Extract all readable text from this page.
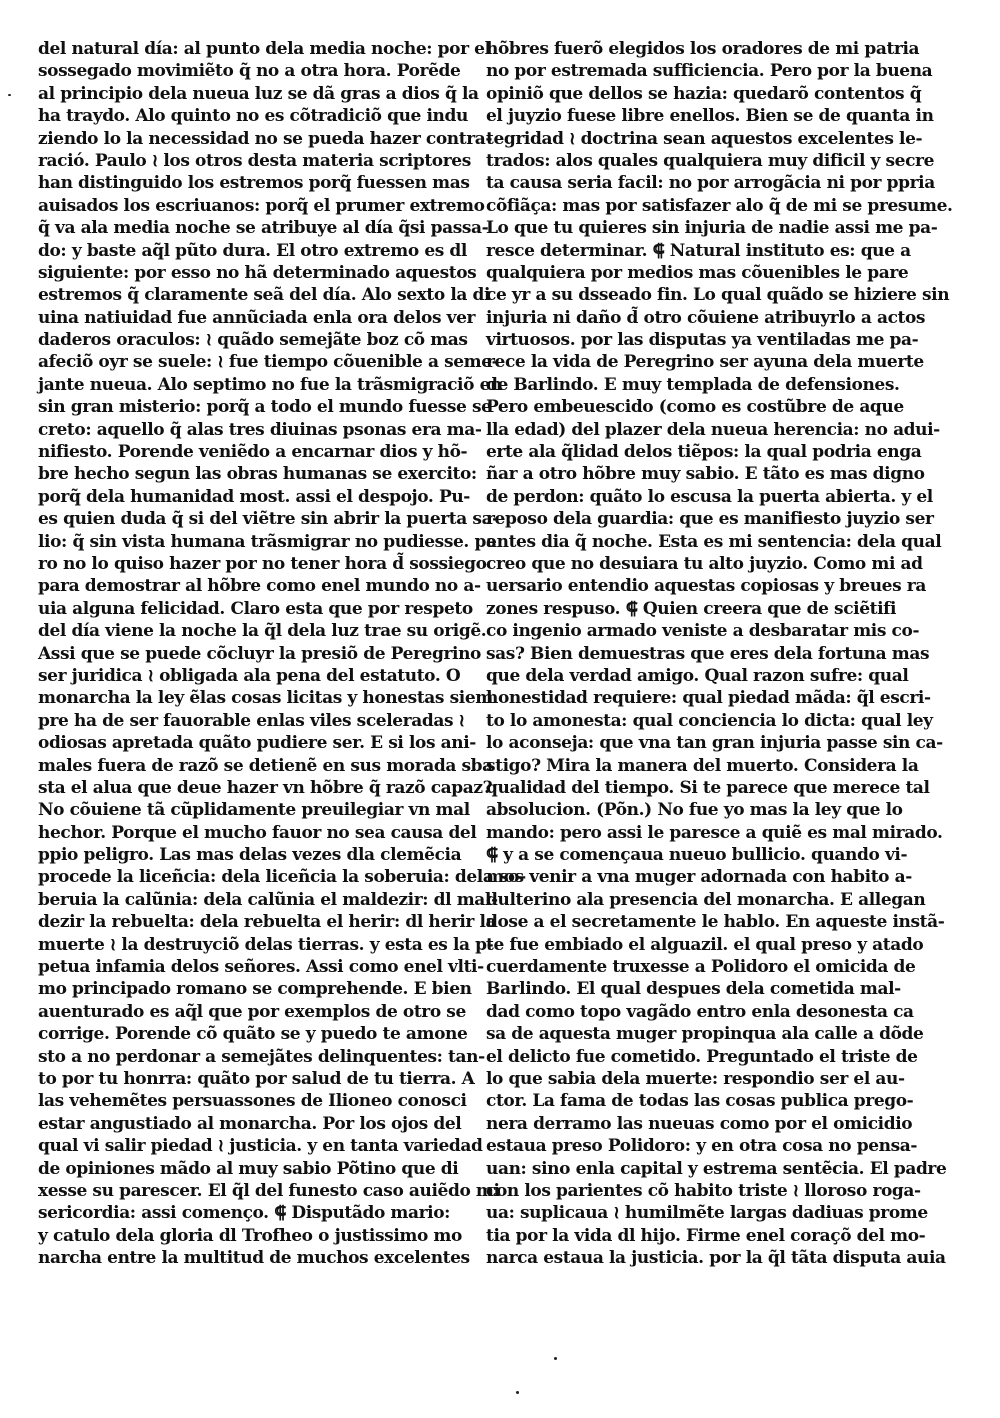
del natural día: al punto dela media noche: por el
sossegado movimiẽto q̃ no a otra hora. Porẽde
al principio dela nueua luz se dã gras a dios q̃ la
ha traydo. Alo quinto no es cõtradiciõ que indu
ziendo lo la necessidad no se pueda hazer contra-
ració. Paulo ≀ los otros desta materia scriptores
han distinguido los estremos porq̃ fuessen mas
auisados los escriuanos: porq̃ el prumer extremo
q̃ va ala media noche se atribuye al día q̃si passa-
do: y baste aq̃l pũto dura. El otro extremo es dl
siguiente: por esso no hã determinado aquestos
estremos q̃ claramente seã del día. Alo sexto la di
uina natiuidad fue annũciada enla ora delos ver
daderos oraculos: ≀ quãdo semejãte boz cõ mas
afeciõ oyr se suele: ≀ fue tiempo cõuenible a seme-
jante nueua. Alo septimo no fue la trãsmigraciõ en
sin gran misterio: porq̃ a todo el mundo fuesse se
creto: aquello q̃ alas tres diuinas psonas era ma-
nifiesto. Porende veniẽdo a encarnar dios y hõ-
bre hecho segun las obras humanas se exercito:
porq̃ dela humanidad most. assi el despojo. Pu-
es quien duda q̃ si del viẽtre sin abrir la puerta sa-
lio: q̃ sin vista humana trãsmigrar no pudiesse. pe
ro no lo quiso hazer por no tener hora d̃ sossiego
para demostrar al hõbre como enel mundo no a-
uia alguna felicidad. Claro esta que por respeto
del día viene la noche la q̃l dela luz trae su origẽ.
Assi que se puede cõcluyr la presiõ de Peregrino
ser juridica ≀ obligada ala pena del estatuto. O
monarcha la ley ẽlas cosas licitas y honestas siem
pre ha de ser fauorable enlas viles sceleradas ≀
odiosas apretada quãto pudiere ser. E si los ani-
males fuera de razõ se detienẽ en sus morada sba
sta el alua que deue hazer vn hõbre q̃ razõ capaz?
No cõuiene tã cũplidamente preuilegiar vn mal
hechor. Porque el mucho fauor no sea causa del
ppio peligro. Las mas delas vezes dla clemẽcia
procede la liceñcia: dela liceñcia la soberuia: dela so-
beruia la calũnia: dela calũnia el maldezir: dl mal-
dezir la rebuelta: dela rebuelta el herir: dl herir la
muerte ≀ la destruyciõ delas tierras. y esta es la p-
petua infamia delos señores. Assi como enel vlti-
mo principado romano se comprehende. E bien
auenturado es aq̃l que por exemplos de otro se
corrige. Porende cõ quãto se y puedo te amone
sto a no perdonar a semejãtes delinquentes: tan-
to por tu honrra: quãto por salud de tu tierra. A
las vehemẽtes persuassones de Ilioneo conosci
estar angustiado al monarcha. Por los ojos del
qual vi salir piedad ≀ justicia. y en tanta variedad
de opiniones mãdo al muy sabio Põtino que di
xesse su parescer. El q̃l del funesto caso auiẽdo mi
sericordia: assi començo. ⸿ Disputãdo mario:
y catulo dela gloria dl Trofheo o justissimo mo
narcha entre la multitud de muchos excelentes
hõbres fuerõ elegidos los oradores de mi patria
no por estremada sufficiencia. Pero por la buena
opiniõ que dellos se hazia: quedarõ contentos q̃
el juyzio fuese libre enellos. Bien se de quanta in
tegridad ≀ doctrina sean aquestos excelentes le-
trados: alos quales qualquiera muy dificil y secre
ta causa seria facil: no por arrogãcia ni por ppria
cõfiãça: mas por satisfazer alo q̃ de mi se presume.
Lo que tu quieres sin injuria de nadie assi me pa-
resce determinar. ⸿ Natural instituto es: que a
qualquiera por medios mas cõuenibles le pare
ce yr a su dsseado fin. Lo qual quãdo se hiziere sin
injuria ni daño d̃ otro cõuiene atribuyrlo a actos
virtuosos. por las disputas ya ventiladas me pa-
rece la vida de Peregrino ser ayuna dela muerte
de Barlindo. E muy templada de defensiones.
Pero embeuescido (como es costũbre de aque
lla edad) del plazer dela nueua herencia: no adui-
erte ala q̃lidad delos tiẽpos: la qual podria enga
ñar a otro hõbre muy sabio. E tãto es mas digno
de perdon: quãto lo escusa la puerta abierta. y el
reposo dela guardia: que es manifiesto juyzio ser
antes dia q̃ noche. Esta es mi sentencia: dela qual
creo que no desuiara tu alto juyzio. Como mi ad
uersario entendio aquestas copiosas y breues ra
zones respuso. ⸿ Quien creera que de sciẽtifi
co ingenio armado veniste a desbaratar mis co-
sas? Bien demuestras que eres dela fortuna mas
que dela verdad amigo. Qual razon sufre: qual
honestidad requiere: qual piedad mãda: q̃l escri-
to lo amonesta: qual conciencia lo dicta: qual ley
lo aconseja: que vna tan gran injuria passe sin ca-
stigo? Mira la manera del muerto. Considera la
qualidad del tiempo. Si te parece que merece tal
absolucion. (Põn.) No fue yo mas la ley que lo
mando: pero assi le paresce a quiẽ es mal mirado.
⸿ y a se començaua nueuo bullicio. quando vi-
mos venir a vna muger adornada con habito a-
dulterino ala presencia del monarcha. E allegan
dose a el secretamente le hablo. En aqueste instã-
te fue embiado el alguazil. el qual preso y atado
cuerdamente truxesse a Polidoro el omicida de
Barlindo. El qual despues dela cometida mal-
dad como topo vagãdo entro enla desonesta ca
sa de aquesta muger propinqua ala calle a dõde
el delicto fue cometido. Preguntado el triste de
lo que sabia dela muerte: respondio ser el au-
ctor. La fama de todas las cosas publica prego-
nera derramo las nueuas como por el omicidio
estaua preso Polidoro: y en otra cosa no pensa-
uan: sino enla capital y estrema sentẽcia. El padre
con los parientes cõ habito triste ≀ lloroso roga-
ua: suplicaua ≀ humilmẽte largas dadiuas prome
tia por la vida dl hijo. Firme enel coraçõ del mo-
narca estaua la justicia. por la q̃l tãta disputa auia
